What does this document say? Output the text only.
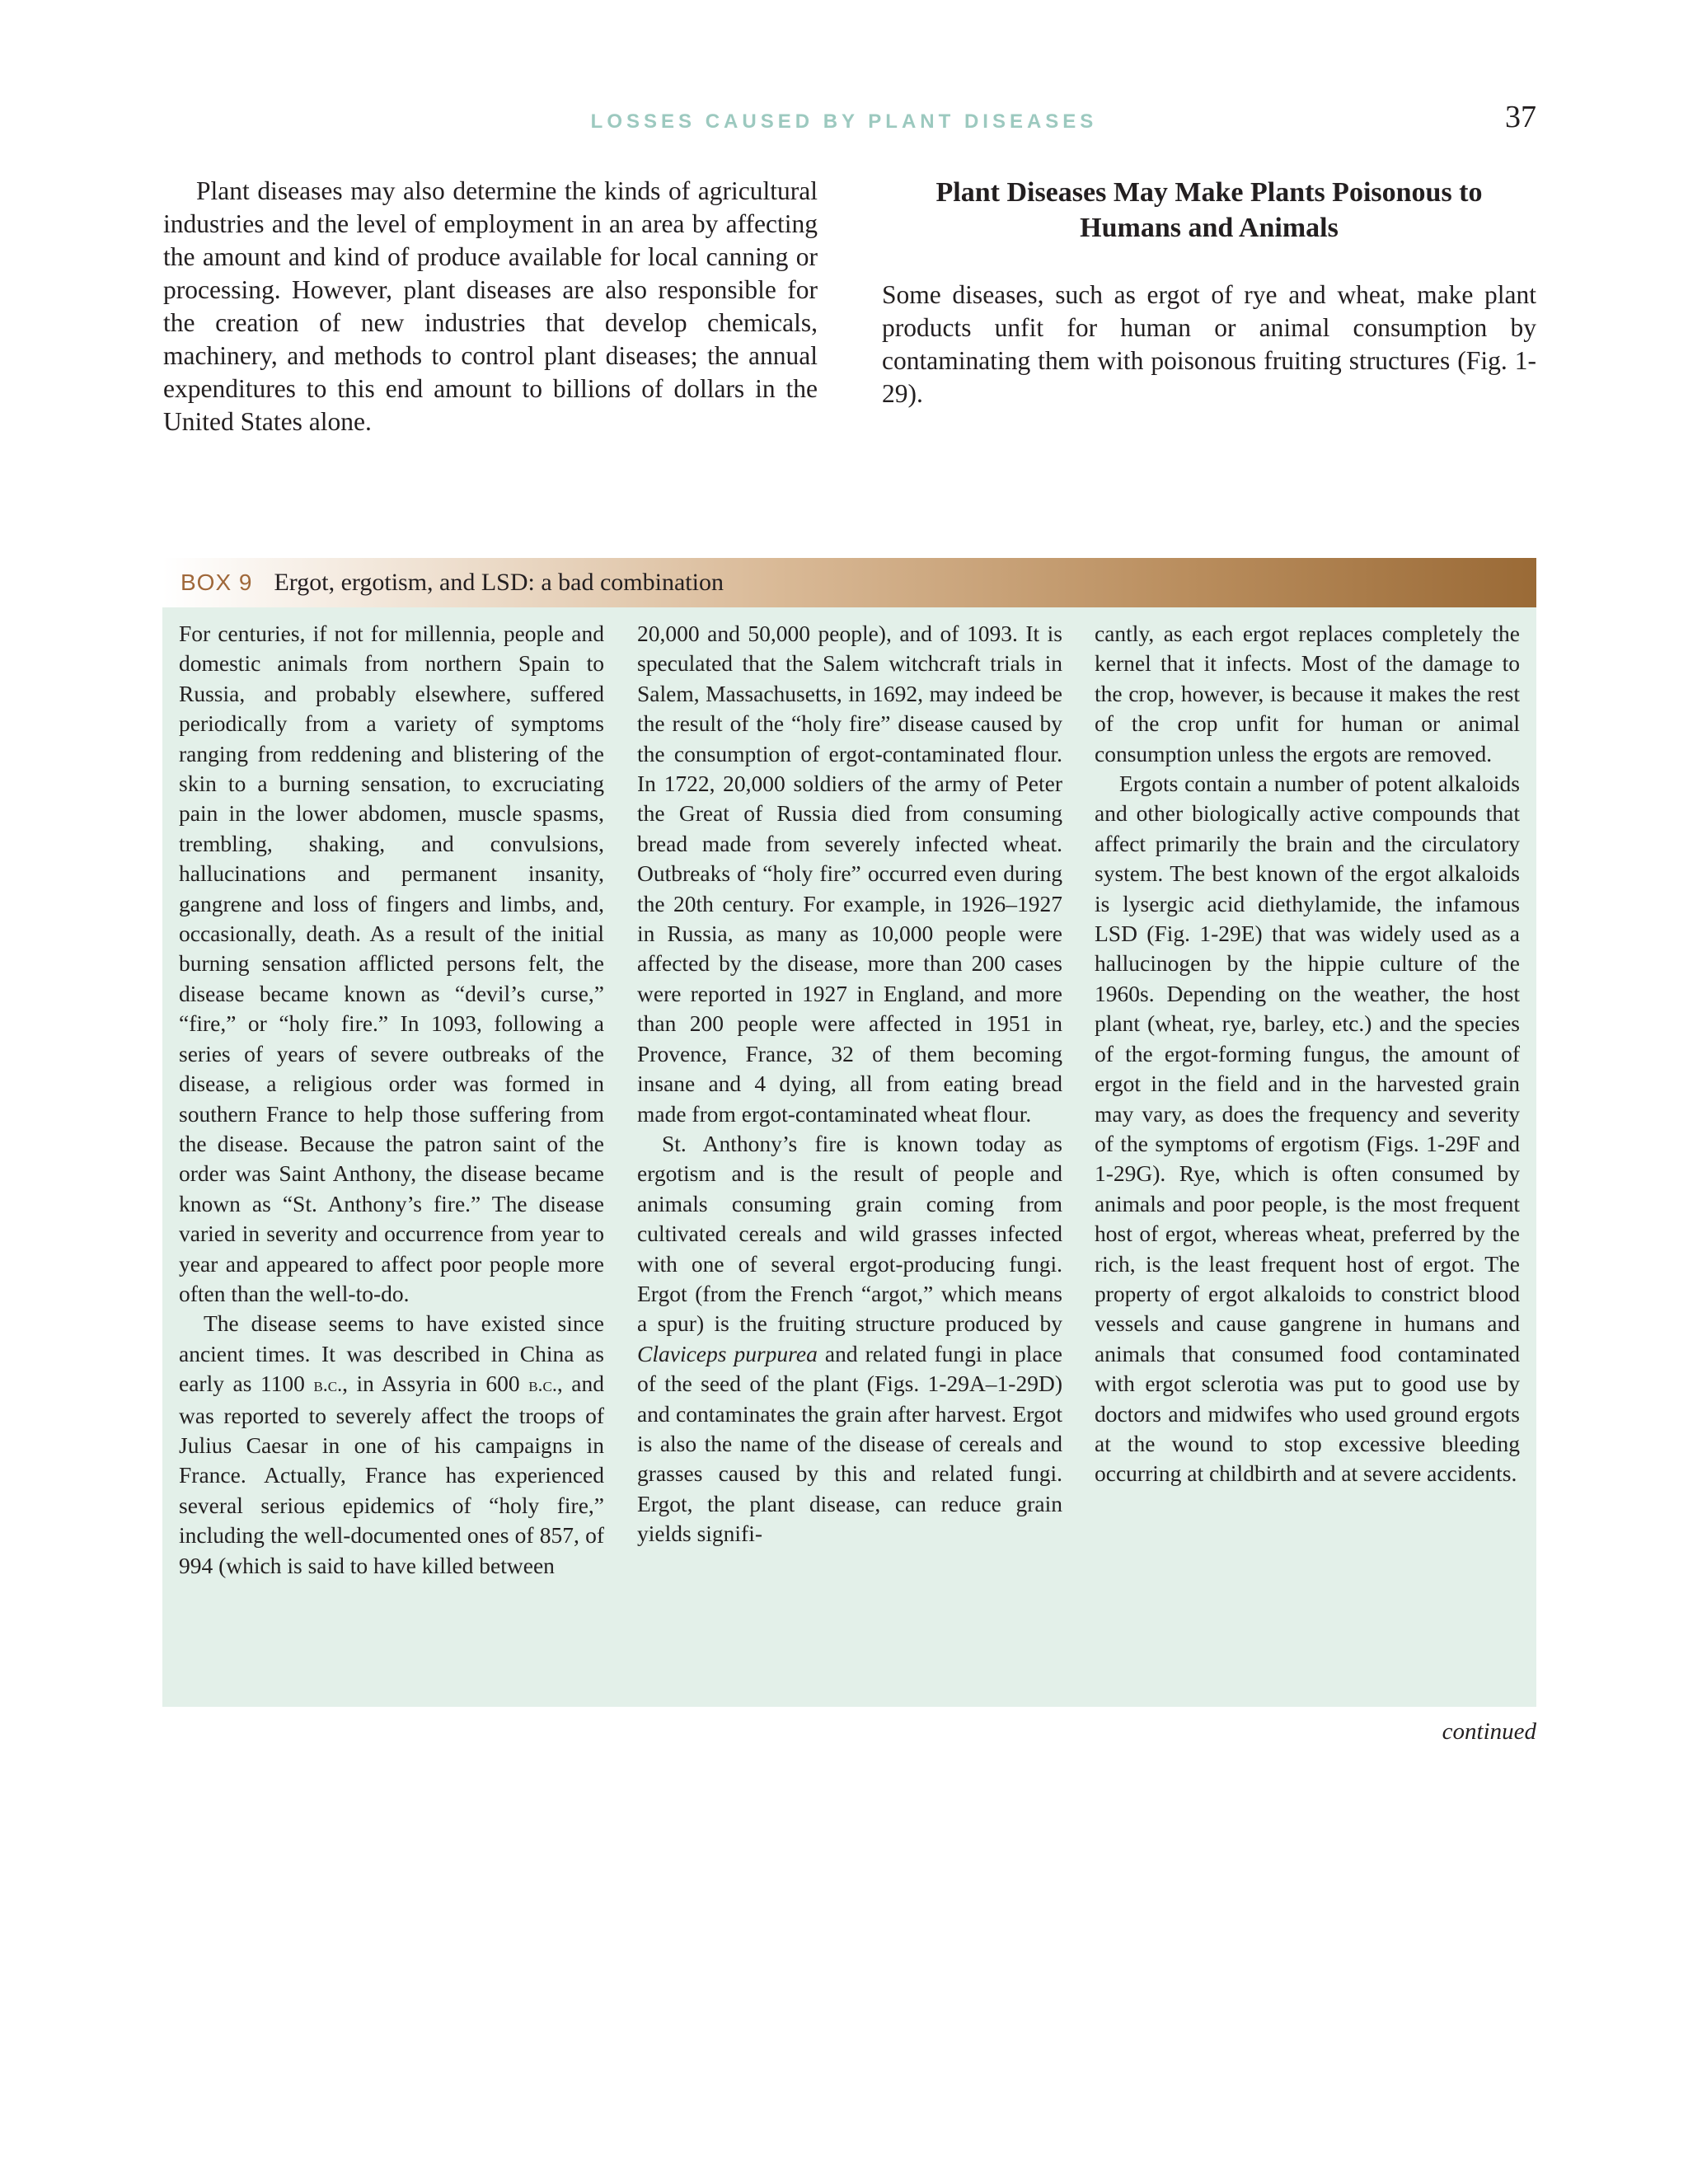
LOSSES CAUSED BY PLANT DISEASES	37

Plant diseases may also determine the kinds of agricultural industries and the level of employment in an area by affecting the amount and kind of produce available for local canning or processing. However, plant diseases are also responsible for the creation of new industries that develop chemicals, machinery, and methods to control plant diseases; the annual expenditures to this end amount to billions of dollars in the United States alone.

Plant Diseases May Make Plants Poisonous to Humans and Animals

Some diseases, such as ergot of rye and wheat, make plant products unfit for human or animal consumption by contaminating them with poisonous fruiting structures (Fig. 1-29).

BOX 9 Ergot, ergotism, and LSD: a bad combination

For centuries, if not for millennia, people and domestic animals from northern Spain to Russia, and probably elsewhere, suffered periodically from a variety of symptoms ranging from reddening and blistering of the skin to a burning sensation, to excruciating pain in the lower abdomen, muscle spasms, trembling, shaking, and convulsions, hallucinations and permanent insanity, gangrene and loss of fingers and limbs, and, occasionally, death. As a result of the initial burning sensation afflicted persons felt, the disease became known as “devil’s curse,” “fire,” or “holy fire.” In 1093, following a series of years of severe outbreaks of the disease, a religious order was formed in southern France to help those suffering from the disease. Because the patron saint of the order was Saint Anthony, the disease became known as “St. Anthony’s fire.” The disease varied in severity and occurrence from year to year and appeared to affect poor people more often than the well-to-do.

The disease seems to have existed since ancient times. It was described in China as early as 1100 b.c., in Assyria in 600 b.c., and was reported to severely affect the troops of Julius Caesar in one of his campaigns in France. Actually, France has experienced several serious epidemics of “holy fire,” including the well-documented ones of 857, of 994 (which is said to have killed between

20,000 and 50,000 people), and of 1093. It is speculated that the Salem witchcraft trials in Salem, Massachusetts, in 1692, may indeed be the result of the “holy fire” disease caused by the consumption of ergot-contaminated flour. In 1722, 20,000 soldiers of the army of Peter the Great of Russia died from consuming bread made from severely infected wheat. Outbreaks of “holy fire” occurred even during the 20th century. For example, in 1926–1927 in Russia, as many as 10,000 people were affected by the disease, more than 200 cases were reported in 1927 in England, and more than 200 people were affected in 1951 in Provence, France, 32 of them becoming insane and 4 dying, all from eating bread made from ergot-contaminated wheat flour.

St. Anthony’s fire is known today as ergotism and is the result of people and animals consuming grain coming from cultivated cereals and wild grasses infected with one of several ergot-producing fungi. Ergot (from the French “argot,” which means a spur) is the fruiting structure produced by Claviceps purpurea and related fungi in place of the seed of the plant (Figs. 1-29A–1-29D) and contaminates the grain after harvest. Ergot is also the name of the disease of cereals and grasses caused by this and related fungi. Ergot, the plant disease, can reduce grain yields signifi-

cantly, as each ergot replaces completely the kernel that it infects. Most of the damage to the crop, however, is because it makes the rest of the crop unfit for human or animal consumption unless the ergots are removed.

Ergots contain a number of potent alkaloids and other biologically active compounds that affect primarily the brain and the circulatory system. The best known of the ergot alkaloids is lysergic acid diethylamide, the infamous LSD (Fig. 1-29E) that was widely used as a hallucinogen by the hippie culture of the 1960s. Depending on the weather, the host plant (wheat, rye, barley, etc.) and the species of the ergot-forming fungus, the amount of ergot in the field and in the harvested grain may vary, as does the frequency and severity of the symptoms of ergotism (Figs. 1-29F and 1-29G). Rye, which is often consumed by animals and poor people, is the most frequent host of ergot, whereas wheat, preferred by the rich, is the least frequent host of ergot. The property of ergot alkaloids to constrict blood vessels and cause gangrene in humans and animals that consumed food contaminated with ergot sclerotia was put to good use by doctors and midwifes who used ground ergots at the wound to stop excessive bleeding occurring at childbirth and at severe accidents.

continued
